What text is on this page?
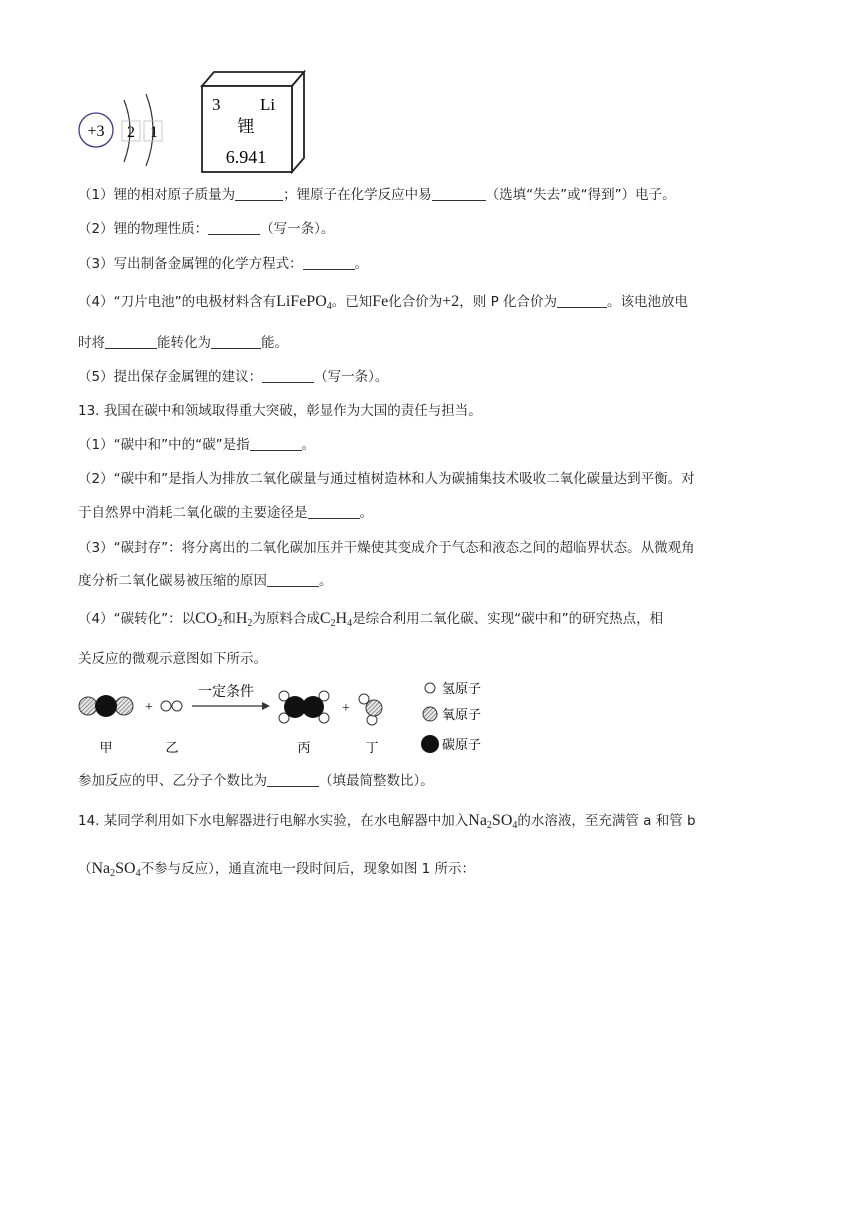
+3 2 1
3 Li
锂
6.941
（1）锂的相对原子质量为	；锂原子在化学反应中易	（选填“失去”或“得到”）电子。
（2）锂的物理性质：	（写一条）。
（3）写出制备金属锂的化学方程式：	。
（4）“刀片电池”的电极材料含有LiFePO$_4$。已知Fe化合价为+2，则 P 化合价为	。该电池放电
时将	能转化为	能。
（5）提出保存金属锂的建议：	（写一条）。
13. 我国在碳中和领域取得重大突破，彰显作为大国的责任与担当。
（1）“碳中和”中的“碳”是指	。
（2）“碳中和”是指人为排放二氧化碳量与通过植树造林和人为碳捕集技术吸收二氧化碳量达到平衡。对
于自然界中消耗二氧化碳的主要途径是	。
（3）“碳封存”：将分离出的二氧化碳加压并干燥使其变成介于气态和液态之间的超临界状态。从微观角
度分析二氧化碳易被压缩的原因	。
（4）“碳转化”：以$CO_2$和$H_2$为原料合成$C_2H_4$是综合利用二氧化碳、实现“碳中和”的研究热点，相
关反应的微观示意图如下所示。
+
一定条件
+
甲	乙	丙	丁
氢原子
氧原子
碳原子
参加反应的甲、乙分子个数比为	（填最简整数比）。
14. 某同学利用如下水电解器进行电解水实验，在水电解器中加入$Na_2SO_4$的水溶液，至充满管 a 和管 b
（$Na_2SO_4$不参与反应），通直流电一段时间后，现象如图 1 所示：
